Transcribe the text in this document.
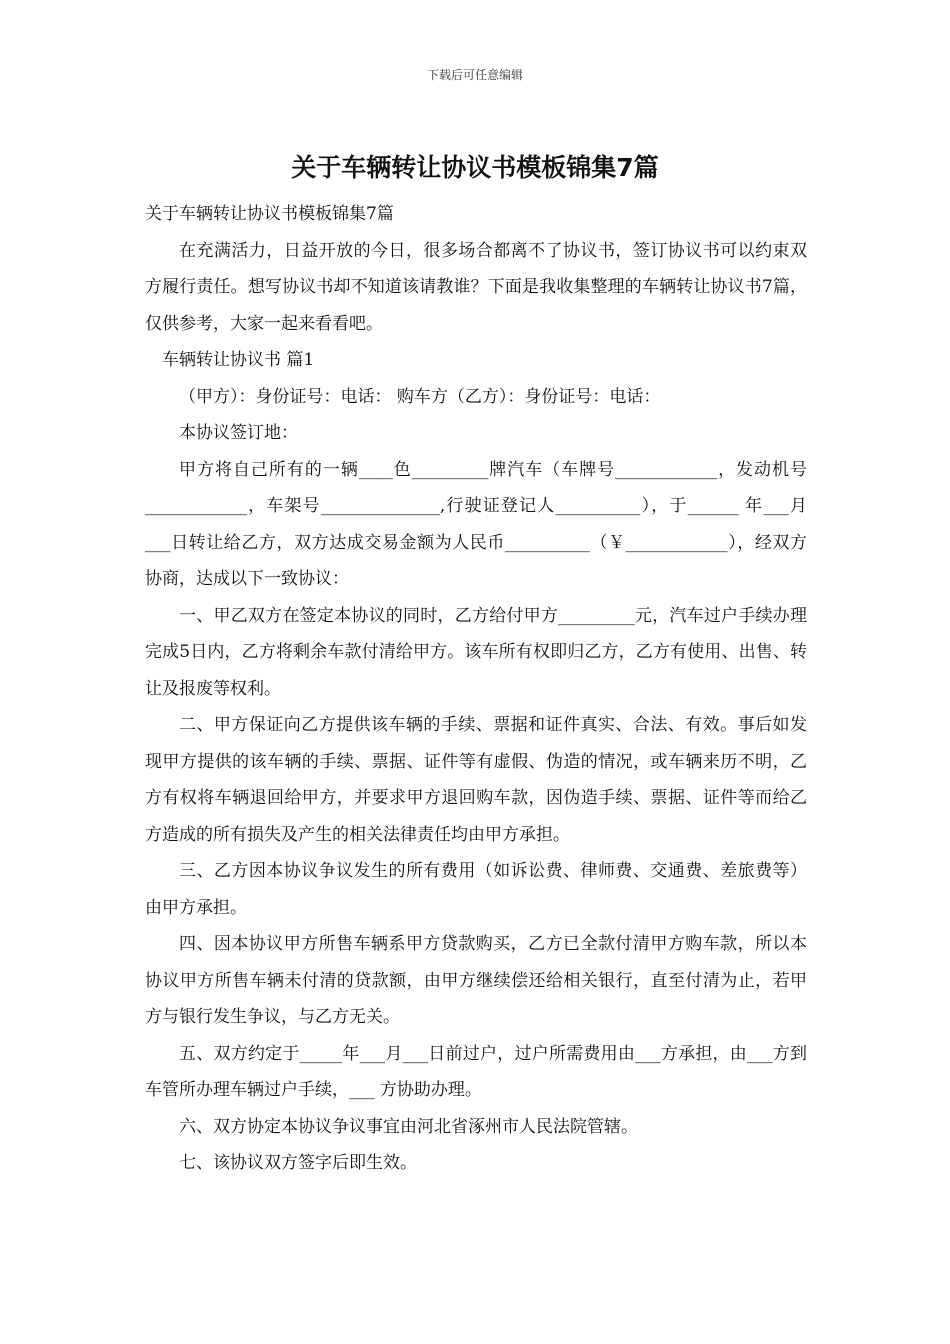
下载后可任意编辑
关于车辆转让协议书模板锦集7篇

关于车辆转让协议书模板锦集7篇

在充满活力，日益开放的今日，很多场合都离不了协议书，签订协议书可以约束双方履行责任。想写协议书却不知道该请教谁？下面是我收集整理的车辆转让协议书7篇，仅供参考，大家一起来看看吧。

车辆转让协议书 篇1

（甲方）：身份证号：电话： 购车方（乙方）：身份证号：电话：

本协议签订地：

甲方将自己所有的一辆____色_________牌汽车（车牌号____________，发动机号____________，车架号______________,行驶证登记人__________），于______ 年___月___日转让给乙方，双方达成交易金额为人民币__________（￥____________），经双方协商，达成以下一致协议：

一、甲乙双方在签定本协议的同时，乙方给付甲方_________元，汽车过户手续办理完成5日内，乙方将剩余车款付清给甲方。该车所有权即归乙方，乙方有使用、出售、转让及报废等权利。

二、甲方保证向乙方提供该车辆的手续、票据和证件真实、合法、有效。事后如发现甲方提供的该车辆的手续、票据、证件等有虚假、伪造的情况，或车辆来历不明，乙方有权将车辆退回给甲方，并要求甲方退回购车款，因伪造手续、票据、证件等而给乙方造成的所有损失及产生的相关法律责任均由甲方承担。

三、乙方因本协议争议发生的所有费用（如诉讼费、律师费、交通费、差旅费等）由甲方承担。

四、因本协议甲方所售车辆系甲方贷款购买，乙方已全款付清甲方购车款，所以本协议甲方所售车辆未付清的贷款额，由甲方继续偿还给相关银行，直至付清为止，若甲方与银行发生争议，与乙方无关。

五、双方约定于_____年___月___日前过户，过户所需费用由___方承担，由___方到车管所办理车辆过户手续，___ 方协助办理。

六、双方协定本协议争议事宜由河北省涿州市人民法院管辖。

七、该协议双方签字后即生效。
